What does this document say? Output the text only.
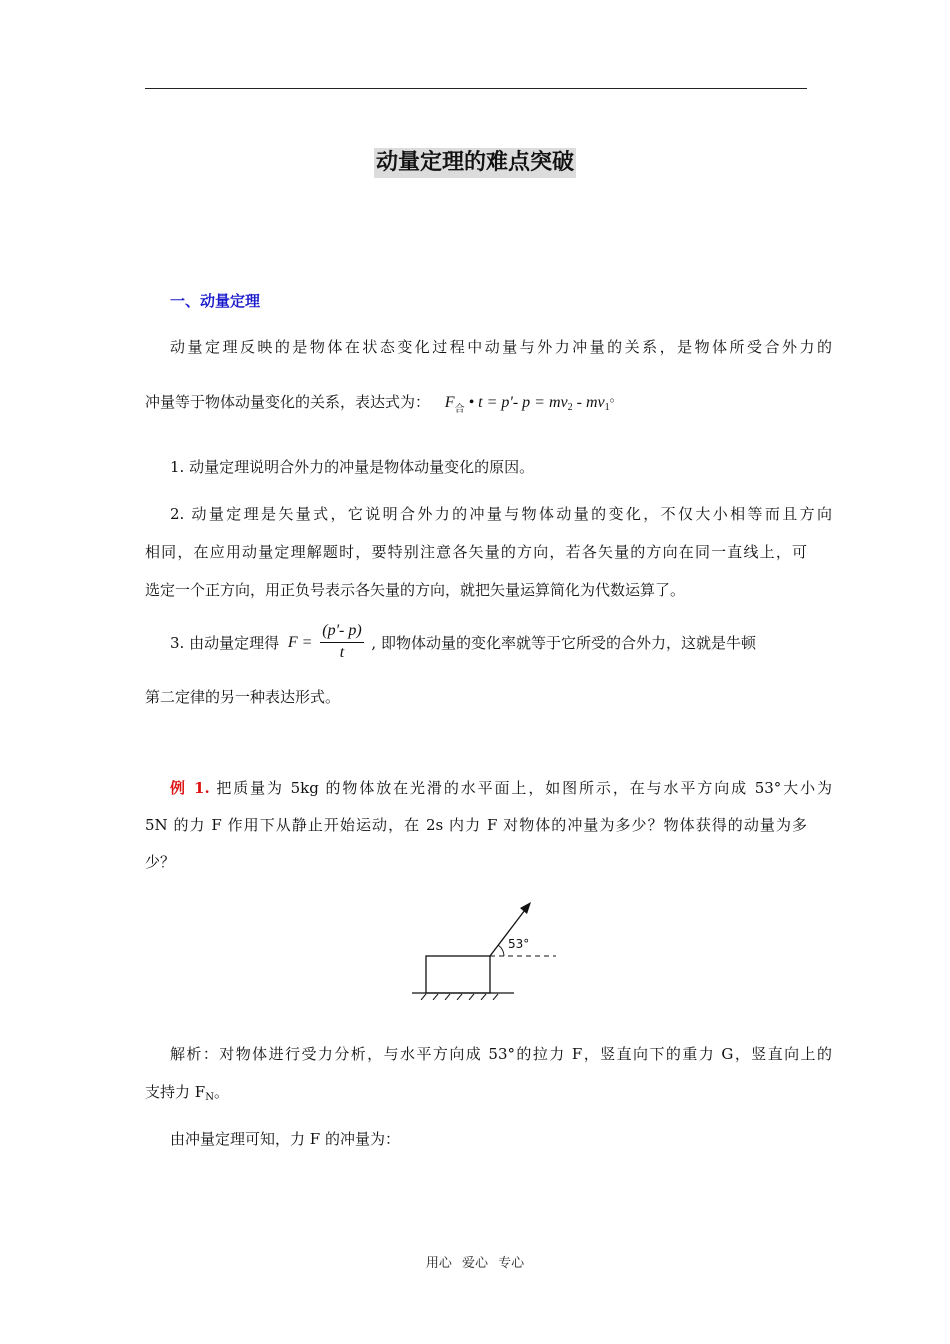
动量定理的难点突破
一、动量定理
动量定理反映的是物体在状态变化过程中动量与外力冲量的关系，是物体所受合外力的
冲量等于物体动量变化的关系，表达式为： $F_合$ • t = p'- $p = mv_2 - mv_1$。
1. 动量定理说明合外力的冲量是物体动量变化的原因。
2. 动量定理是矢量式，它说明合外力的冲量与物体动量的变化，不仅大小相等而且方向
相同，在应用动量定理解题时，要特别注意各矢量的方向，若各矢量的方向在同一直线上，可
选定一个正方向，用正负号表示各矢量的方向，就把矢量运算简化为代数运算了。
3. 由动量定理得 $F = \frac{(p'- p)}{t}$ , 即物体动量的变化率就等于它所受的合外力，这就是牛顿
第二定律的另一种表达形式。
例 1. 把质量为 5kg 的物体放在光滑的水平面上，如图所示，在与水平方向成 53°大小为
5N 的力 F 作用下从静止开始运动，在 2s 内力 F 对物体的冲量为多少？物体获得的动量为多
少？
53°
解析：对物体进行受力分析，与水平方向成 53°的拉力 F，竖直向下的重力 G，竖直向上的
支持力 $F_N$。
由冲量定理可知，力 F 的冲量为：
用心 爱心 专心
